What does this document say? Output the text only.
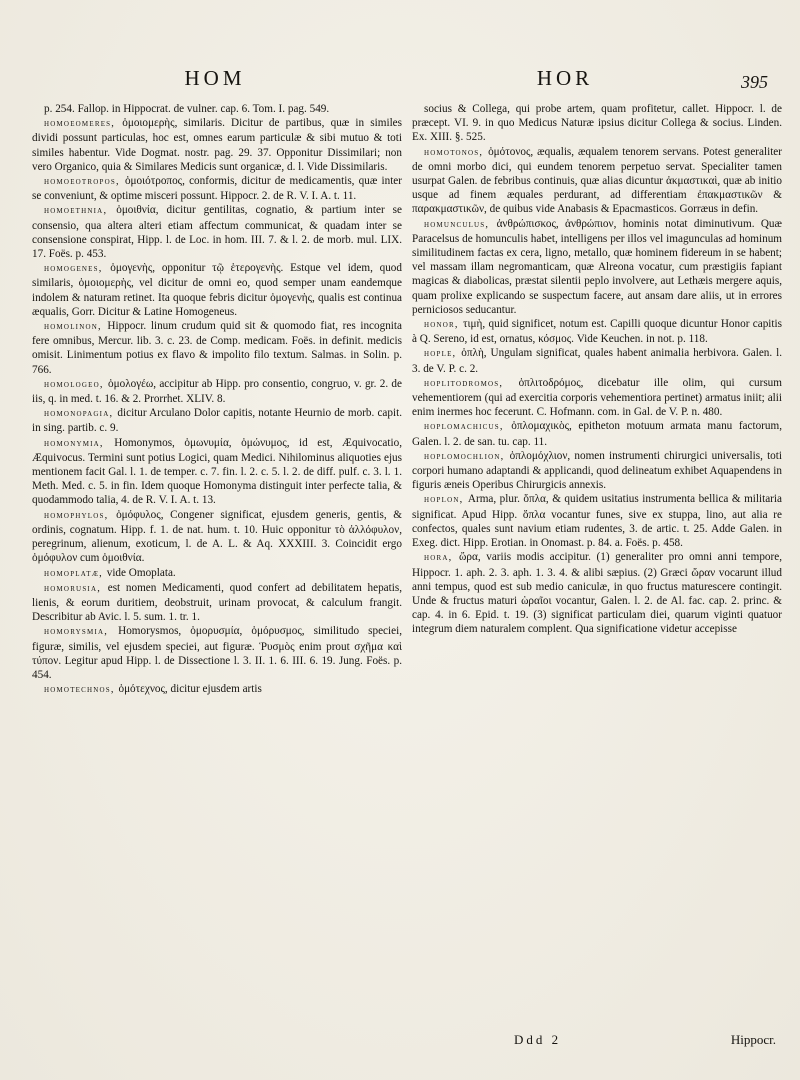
HOM	HOR	395

p. 254. Fallop. in Hippocrat. de vulner. cap. 6. Tom. I. pag. 549.

homoeomeres, ὁμοιομερὴς, similaris. Dicitur de partibus, quæ in similes dividi possunt particulas, hoc est, omnes earum particulæ & sibi mutuo & toti similes habentur. Vide Dogmat. nostr. pag. 29. 37. Opponitur Dissimilari; non vero Organico, quia & Similares Medicis sunt organicæ, d. l. Vide Dissimilaris.

homoeotropos, ὁμοιότροπος, conformis, dicitur de medicamentis, quæ inter se conveniunt, & optime misceri possunt. Hippocr. 2. de R. V. I. A. t. 11.

homoethnia, ὁμοιθνία, dicitur gentilitas, cognatio, & partium inter se consensio, qua altera alteri etiam affectum communicat, & quadam inter se consensione conspirat, Hipp. l. de Loc. in hom. III. 7. & l. 2. de morb. mul. LIX. 17. Foës. p. 453.

homogenes, ὁμογενὴς, opponitur τῷ ἑτερογενὴς. Estque vel idem, quod similaris, ὁμοιομερὴς, vel dicitur de omni eo, quod semper unam eandemque indolem & naturam retinet. Ita quoque febris dicitur ὁμογενὴς, qualis est continua æqualis, Gorr. Dicitur & Latine Homogeneus.

homolinon, Hippocr. linum crudum quid sit & quomodo fiat, res incognita fere omnibus, Mercur. lib. 3. c. 23. de Comp. medicam. Foës. in definit. medicis omisit. Linimentum potius ex flavo & impolito filo textum. Salmas. in Solin. p. 766.

homologeo, ὁμολογέω, accipitur ab Hipp. pro consentio, congruo, v. gr. 2. de iis, q. in med. t. 16. & 2. Prorrhet. XLIV. 8.

homonopagia, dicitur Arculano Dolor capitis, notante Heurnio de morb. capit. in sing. partib. c. 9.

homonymia, Homonymos, ὁμωνυμία, ὁμώνυμος, id est, Æquivocatio, Æquivocus. Termini sunt potius Logici, quam Medici. Nihilominus aliquoties ejus mentionem facit Gal. l. 1. de temper. c. 7. fin. l. 2. c. 5. l. 2. de diff. pulf. c. 3. l. 1. Meth. Med. c. 5. in fin. Idem quoque Homonyma distinguit inter perfecte talia, & quodammodo talia, 4. de R. V. I. A. t. 13.

homophylos, ὁμόφυλος, Congener significat, ejusdem generis, gentis, & ordinis, cognatum. Hipp. f. 1. de nat. hum. t. 10. Huic opponitur τὸ ἀλλόφυλον, peregrinum, alienum, exoticum, l. de A. L. & Aq. XXXIII. 3. Coincidit ergo ὁμόφυλον cum ὁμοιθνία.

homoplatæ, vide Omoplata.

homorusia, est nomen Medicamenti, quod confert ad debilitatem hepatis, lienis, & eorum duritiem, deobstruit, urinam provocat, & calculum frangit. Describitur ab Avic. l. 5. sum. 1. tr. 1.

homorysmia, Homorysmos, ὁμορυσμία, ὁμόρυσμος, similitudo speciei, figuræ, similis, vel ejusdem speciei, aut figuræ. Ῥυσμὸς enim prout σχῆμα καὶ τύπον. Legitur apud Hipp. l. de Dissectione l. 3. II. 1. 6. III. 6. 19. Jung. Foës. p. 454.

homotechnos, ὁμότεχνος, dicitur ejusdem artis

socius & Collega, qui probe artem, quam profitetur, callet. Hippocr. l. de præcept. VI. 9. in quo Medicus Naturæ ipsius dicitur Collega & socius. Linden. Ex. XIII. §. 525.

homotonos, ὁμότονος, æqualis, æqualem tenorem servans. Potest generaliter de omni morbo dici, qui eundem tenorem perpetuo servat. Specialiter tamen usurpat Galen. de febribus continuis, quæ alias dicuntur ἀκμαστικαὶ, quæ ab initio usque ad finem æquales perdurant, ad differentiam ἐπακμαστικῶν & παρακμαστικῶν, de quibus vide Anabasis & Epacmasticos. Gorræus in defin.

homunculus, ἀνθρώπισκος, ἀνθρώπιον, hominis notat diminutivum. Quæ Paracelsus de homunculis habet, intelligens per illos vel imagunculas ad hominum similitudinem factas ex cera, ligno, metallo, quæ hominem fidereum in se habent; vel massam illam negromanticam, quæ Alreona vocatur, cum præstigiis fapiant magicas & diabolicas, præstat silentii peplo involvere, aut Lethæis mergere aquis, quam prolixe explicando se suspectum facere, aut ansam dare aliis, ut in errores perniciosos seducantur.

honor, τιμὴ, quid significet, notum est. Capilli quoque dicuntur Honor capitis à Q. Sereno, id est, ornatus, κόσμος. Vide Keuchen. in not. p. 118.

hople, ὁπλὴ, Ungulam significat, quales habent animalia herbivora. Galen. l. 3. de V. P. c. 2.

hoplitodromos, ὁπλιτοδρόμος, dicebatur ille olim, qui cursum vehementiorem (qui ad exercitia corporis vehementiora pertinet) armatus iniit; alii enim inermes hoc fecerunt. C. Hofmann. com. in Gal. de V. P. n. 480.

hoplomachicus, ὁπλομαχικὸς, epitheton motuum armata manu factorum, Galen. l. 2. de san. tu. cap. 11.

hoplomochlion, ὁπλομόχλιον, nomen instrumenti chirurgici universalis, toti corpori humano adaptandi & applicandi, quod delineatum exhibet Aquapendens in figuris æneis Operibus Chirurgicis annexis.

hoplon, Arma, plur. ὅπλα, & quidem usitatius instrumenta bellica & militaria significat. Apud Hipp. ὅπλα vocantur funes, sive ex stuppa, lino, aut alia re confectos, quales sunt navium etiam rudentes, 3. de artic. t. 25. Adde Galen. in Exeg. dict. Hipp. Erotian. in Onomast. p. 84. a. Foës. p. 458.

hora, ὥρα, variis modis accipitur. (1) generaliter pro omni anni tempore, Hippocr. 1. aph. 2. 3. aph. 1. 3. 4. & alibi sæpius. (2) Græci ὥραν vocarunt illud anni tempus, quod est sub medio caniculæ, in quo fructus maturescere contingit. Unde & fructus maturi ὡραῖοι vocantur, Galen. l. 2. de Al. fac. cap. 2. princ. & cap. 4. in 6. Epid. t. 19. (3) significat particulam diei, quarum viginti quatuor integrum diem naturalem complent. Qua significatione videtur accepisse

Ddd 2	Hippocr.
